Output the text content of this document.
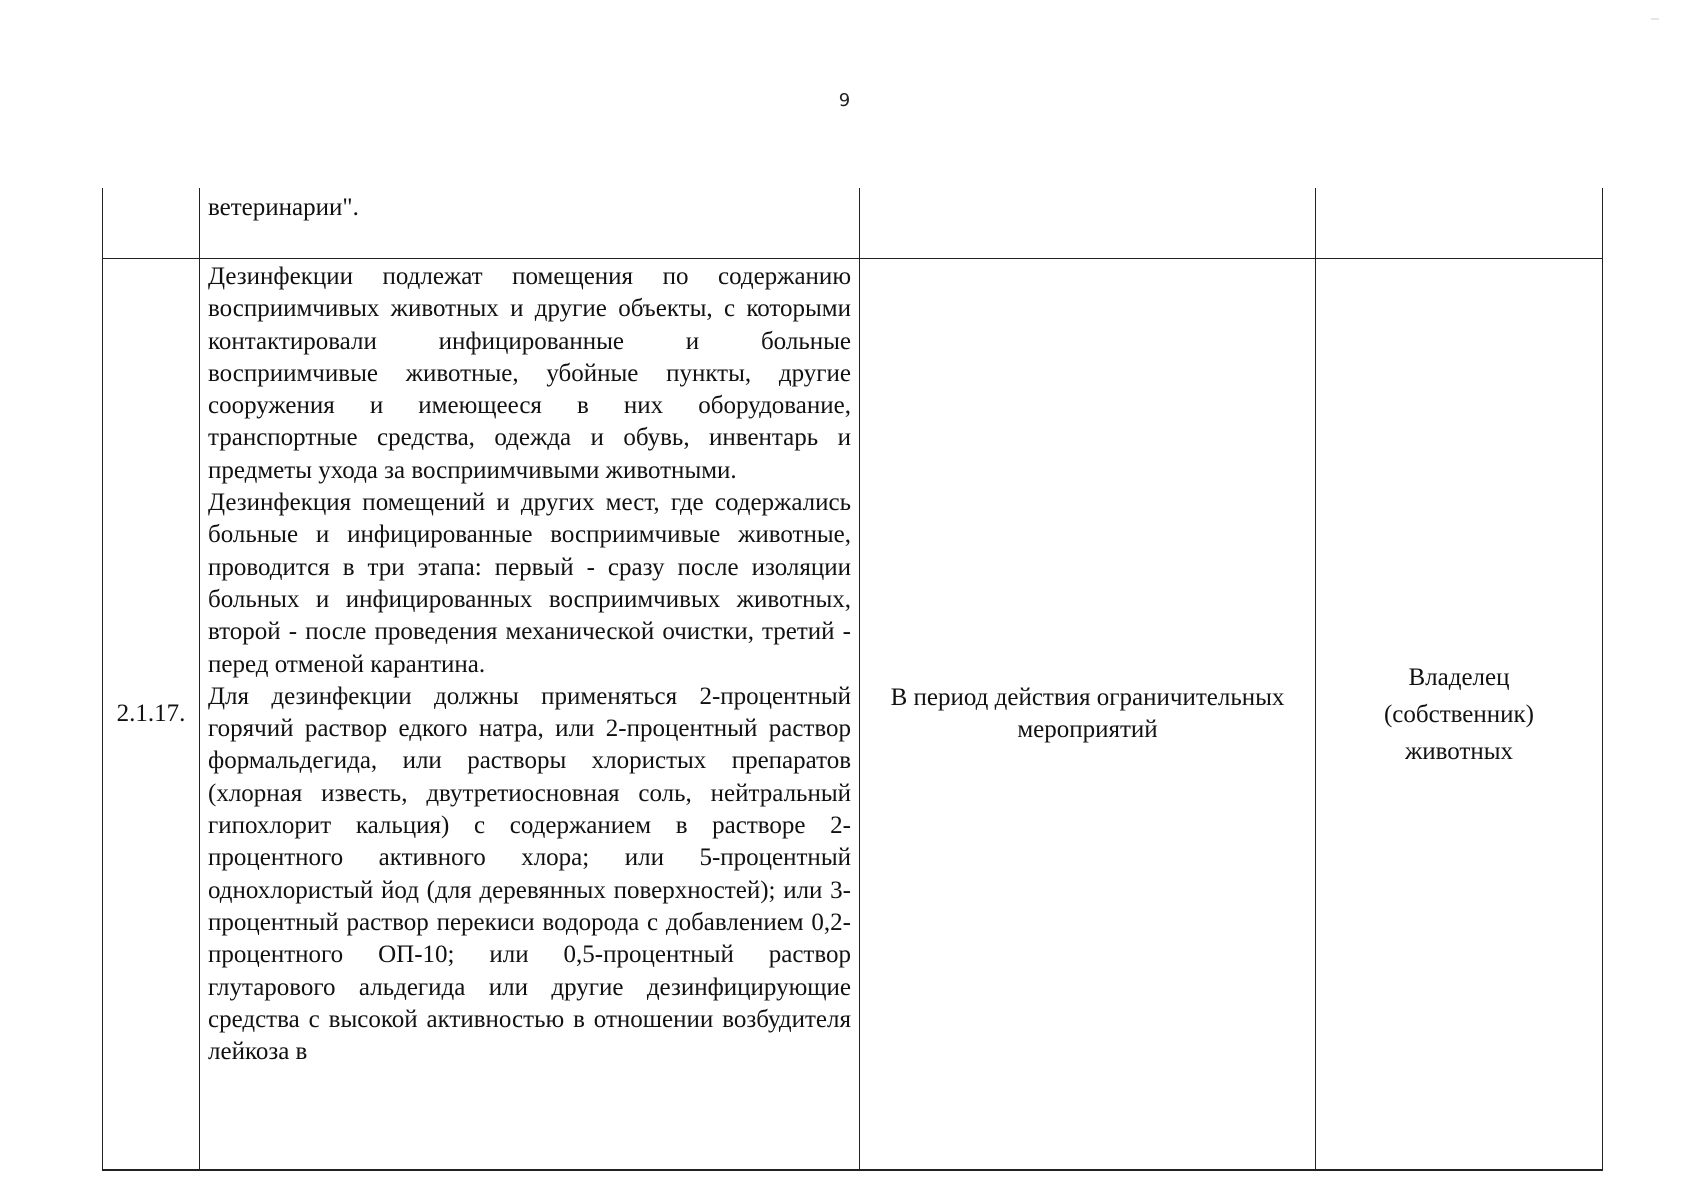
9

	ветеринарии".		

2.1.17.	Дезинфекции подлежат помещения по содержанию восприимчивых животных и другие объекты, с которыми контактировали инфицированные и больные восприимчивые животные, убойные пункты, другие сооружения и имеющееся в них оборудование, транспортные средства, одежда и обувь, инвентарь и предметы ухода за восприимчивыми животными.

Дезинфекция помещений и других мест, где содержались больные и инфицированные восприимчивые животные, проводится в три этапа: первый - сразу после изоляции больных и инфицированных восприимчивых животных, второй - после проведения механической очистки, третий - перед отменой карантина.

Для дезинфекции должны применяться 2-процентный горячий раствор едкого натра, или 2-процентный раствор формальдегида, или растворы хлористых препаратов (хлорная известь, двутретиосновная соль, нейтральный гипохлорит кальция) с содержанием в растворе 2-процентного активного хлора; или 5-процентный однохлористый йод (для деревянных поверхностей); или 3-процентный раствор перекиси водорода с добавлением 0,2-процентного ОП-10; или 0,5-процентный раствор глутарового альдегида или другие дезинфицирующие средства с высокой активностью в отношении возбудителя лейкоза в	В период действия ограничительных мероприятий	Владелец (собственник) животных
